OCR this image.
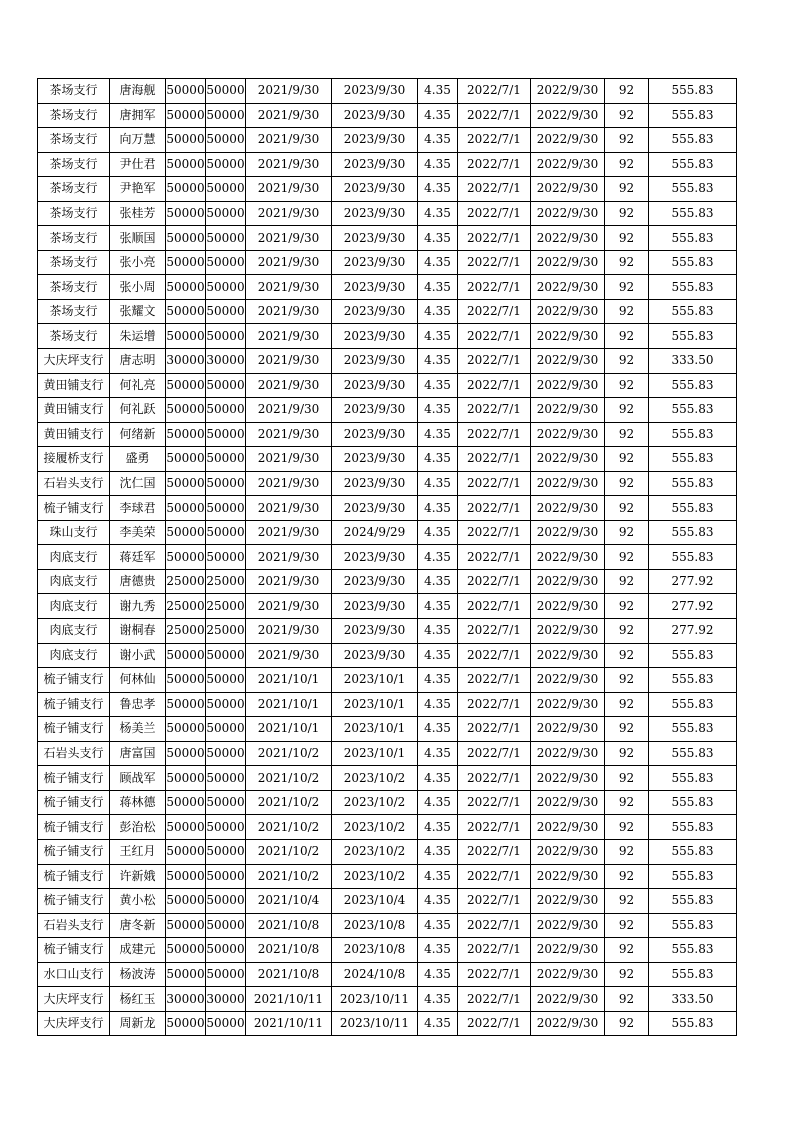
茶场支行	唐海舰	50000	50000	2021/9/30	2023/9/30	4.35	2022/7/1	2022/9/30	92	555.83
茶场支行	唐拥军	50000	50000	2021/9/30	2023/9/30	4.35	2022/7/1	2022/9/30	92	555.83
茶场支行	向万慧	50000	50000	2021/9/30	2023/9/30	4.35	2022/7/1	2022/9/30	92	555.83
茶场支行	尹仕君	50000	50000	2021/9/30	2023/9/30	4.35	2022/7/1	2022/9/30	92	555.83
茶场支行	尹艳军	50000	50000	2021/9/30	2023/9/30	4.35	2022/7/1	2022/9/30	92	555.83
茶场支行	张桂芳	50000	50000	2021/9/30	2023/9/30	4.35	2022/7/1	2022/9/30	92	555.83
茶场支行	张顺国	50000	50000	2021/9/30	2023/9/30	4.35	2022/7/1	2022/9/30	92	555.83
茶场支行	张小亮	50000	50000	2021/9/30	2023/9/30	4.35	2022/7/1	2022/9/30	92	555.83
茶场支行	张小周	50000	50000	2021/9/30	2023/9/30	4.35	2022/7/1	2022/9/30	92	555.83
茶场支行	张耀文	50000	50000	2021/9/30	2023/9/30	4.35	2022/7/1	2022/9/30	92	555.83
茶场支行	朱运增	50000	50000	2021/9/30	2023/9/30	4.35	2022/7/1	2022/9/30	92	555.83
大庆坪支行	唐志明	30000	30000	2021/9/30	2023/9/30	4.35	2022/7/1	2022/9/30	92	333.50
黄田铺支行	何礼亮	50000	50000	2021/9/30	2023/9/30	4.35	2022/7/1	2022/9/30	92	555.83
黄田铺支行	何礼跃	50000	50000	2021/9/30	2023/9/30	4.35	2022/7/1	2022/9/30	92	555.83
黄田铺支行	何绪新	50000	50000	2021/9/30	2023/9/30	4.35	2022/7/1	2022/9/30	92	555.83
接履桥支行	盛勇	50000	50000	2021/9/30	2023/9/30	4.35	2022/7/1	2022/9/30	92	555.83
石岩头支行	沈仁国	50000	50000	2021/9/30	2023/9/30	4.35	2022/7/1	2022/9/30	92	555.83
梳子铺支行	李球君	50000	50000	2021/9/30	2023/9/30	4.35	2022/7/1	2022/9/30	92	555.83
珠山支行	李美荣	50000	50000	2021/9/30	2024/9/29	4.35	2022/7/1	2022/9/30	92	555.83
肉底支行	蒋廷军	50000	50000	2021/9/30	2023/9/30	4.35	2022/7/1	2022/9/30	92	555.83
肉底支行	唐德贵	25000	25000	2021/9/30	2023/9/30	4.35	2022/7/1	2022/9/30	92	277.92
肉底支行	谢九秀	25000	25000	2021/9/30	2023/9/30	4.35	2022/7/1	2022/9/30	92	277.92
肉底支行	谢桐春	25000	25000	2021/9/30	2023/9/30	4.35	2022/7/1	2022/9/30	92	277.92
肉底支行	谢小武	50000	50000	2021/9/30	2023/9/30	4.35	2022/7/1	2022/9/30	92	555.83
梳子铺支行	何林仙	50000	50000	2021/10/1	2023/10/1	4.35	2022/7/1	2022/9/30	92	555.83
梳子铺支行	鲁忠孝	50000	50000	2021/10/1	2023/10/1	4.35	2022/7/1	2022/9/30	92	555.83
梳子铺支行	杨美兰	50000	50000	2021/10/1	2023/10/1	4.35	2022/7/1	2022/9/30	92	555.83
石岩头支行	唐富国	50000	50000	2021/10/2	2023/10/1	4.35	2022/7/1	2022/9/30	92	555.83
梳子铺支行	顾战军	50000	50000	2021/10/2	2023/10/2	4.35	2022/7/1	2022/9/30	92	555.83
梳子铺支行	蒋林德	50000	50000	2021/10/2	2023/10/2	4.35	2022/7/1	2022/9/30	92	555.83
梳子铺支行	彭治松	50000	50000	2021/10/2	2023/10/2	4.35	2022/7/1	2022/9/30	92	555.83
梳子铺支行	王红月	50000	50000	2021/10/2	2023/10/2	4.35	2022/7/1	2022/9/30	92	555.83
梳子铺支行	许新娥	50000	50000	2021/10/2	2023/10/2	4.35	2022/7/1	2022/9/30	92	555.83
梳子铺支行	黄小松	50000	50000	2021/10/4	2023/10/4	4.35	2022/7/1	2022/9/30	92	555.83
石岩头支行	唐冬新	50000	50000	2021/10/8	2023/10/8	4.35	2022/7/1	2022/9/30	92	555.83
梳子铺支行	成建元	50000	50000	2021/10/8	2023/10/8	4.35	2022/7/1	2022/9/30	92	555.83
水口山支行	杨波涛	50000	50000	2021/10/8	2024/10/8	4.35	2022/7/1	2022/9/30	92	555.83
大庆坪支行	杨红玉	30000	30000	2021/10/11	2023/10/11	4.35	2022/7/1	2022/9/30	92	333.50
大庆坪支行	周新龙	50000	50000	2021/10/11	2023/10/11	4.35	2022/7/1	2022/9/30	92	555.83
